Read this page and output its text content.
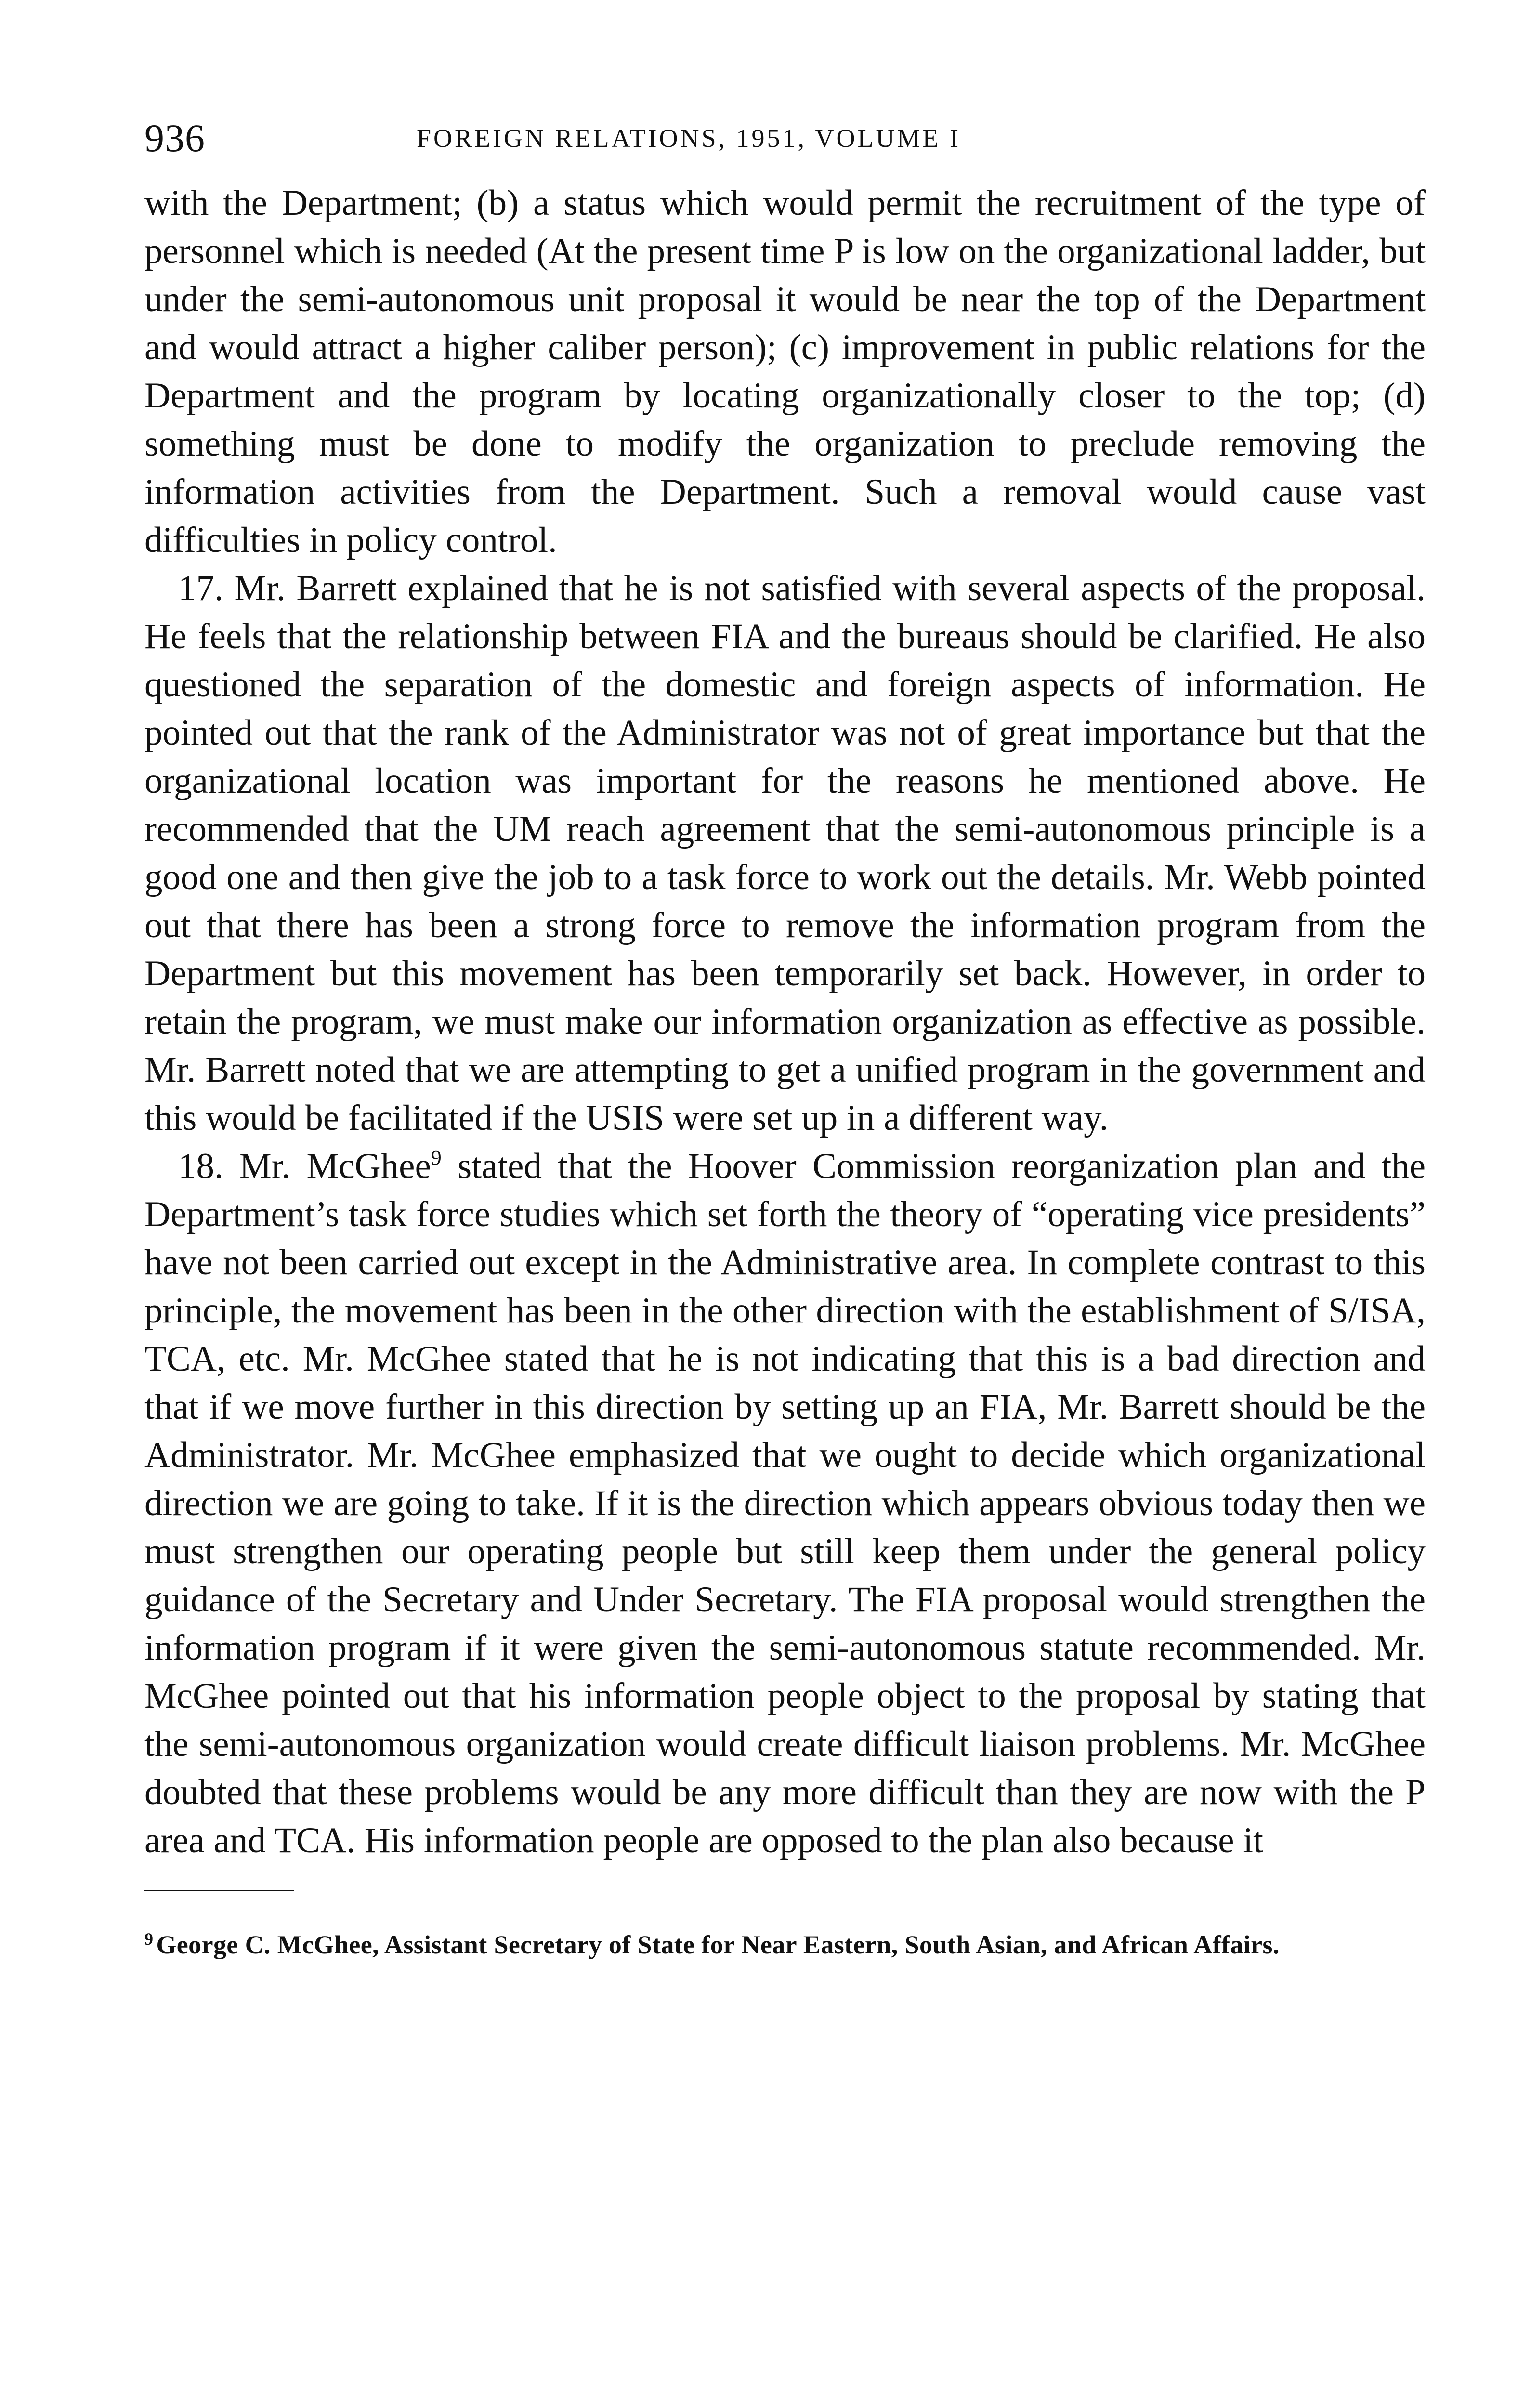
936	FOREIGN RELATIONS, 1951, VOLUME I

with the Department; (b) a status which would permit the recruitment of the type of personnel which is needed (At the present time P is low on the organizational ladder, but under the semi-autonomous unit proposal it would be near the top of the Department and would attract a higher caliber person); (c) improvement in public relations for the Department and the program by locating organizationally closer to the top; (d) something must be done to modify the organization to preclude removing the information activities from the Department. Such a removal would cause vast difficulties in policy control.

17. Mr. Barrett explained that he is not satisfied with several aspects of the proposal. He feels that the relationship between FIA and the bureaus should be clarified. He also questioned the separation of the domestic and foreign aspects of information. He pointed out that the rank of the Administrator was not of great importance but that the organizational location was important for the reasons he mentioned above. He recommended that the UM reach agreement that the semi-autonomous principle is a good one and then give the job to a task force to work out the details. Mr. Webb pointed out that there has been a strong force to remove the information program from the Department but this movement has been temporarily set back. However, in order to retain the program, we must make our information organization as effective as possible. Mr. Barrett noted that we are attempting to get a unified program in the government and this would be facilitated if the USIS were set up in a different way.

18. Mr. McGhee$^9$ stated that the Hoover Commission reorganization plan and the Department’s task force studies which set forth the theory of “operating vice presidents” have not been carried out except in the Administrative area. In complete contrast to this principle, the movement has been in the other direction with the establishment of S/ISA, TCA, etc. Mr. McGhee stated that he is not indicating that this is a bad direction and that if we move further in this direction by setting up an FIA, Mr. Barrett should be the Administrator. Mr. McGhee emphasized that we ought to decide which organizational direction we are going to take. If it is the direction which appears obvious today then we must strengthen our operating people but still keep them under the general policy guidance of the Secretary and Under Secretary. The FIA proposal would strengthen the information program if it were given the semi-autonomous statute recommended. Mr. McGhee pointed out that his information people object to the proposal by stating that the semi-autonomous organization would create difficult liaison problems. Mr. McGhee doubted that these problems would be any more difficult than they are now with the P area and TCA. His information people are opposed to the plan also because it

$^9$ George C. McGhee, Assistant Secretary of State for Near Eastern, South Asian, and African Affairs.
